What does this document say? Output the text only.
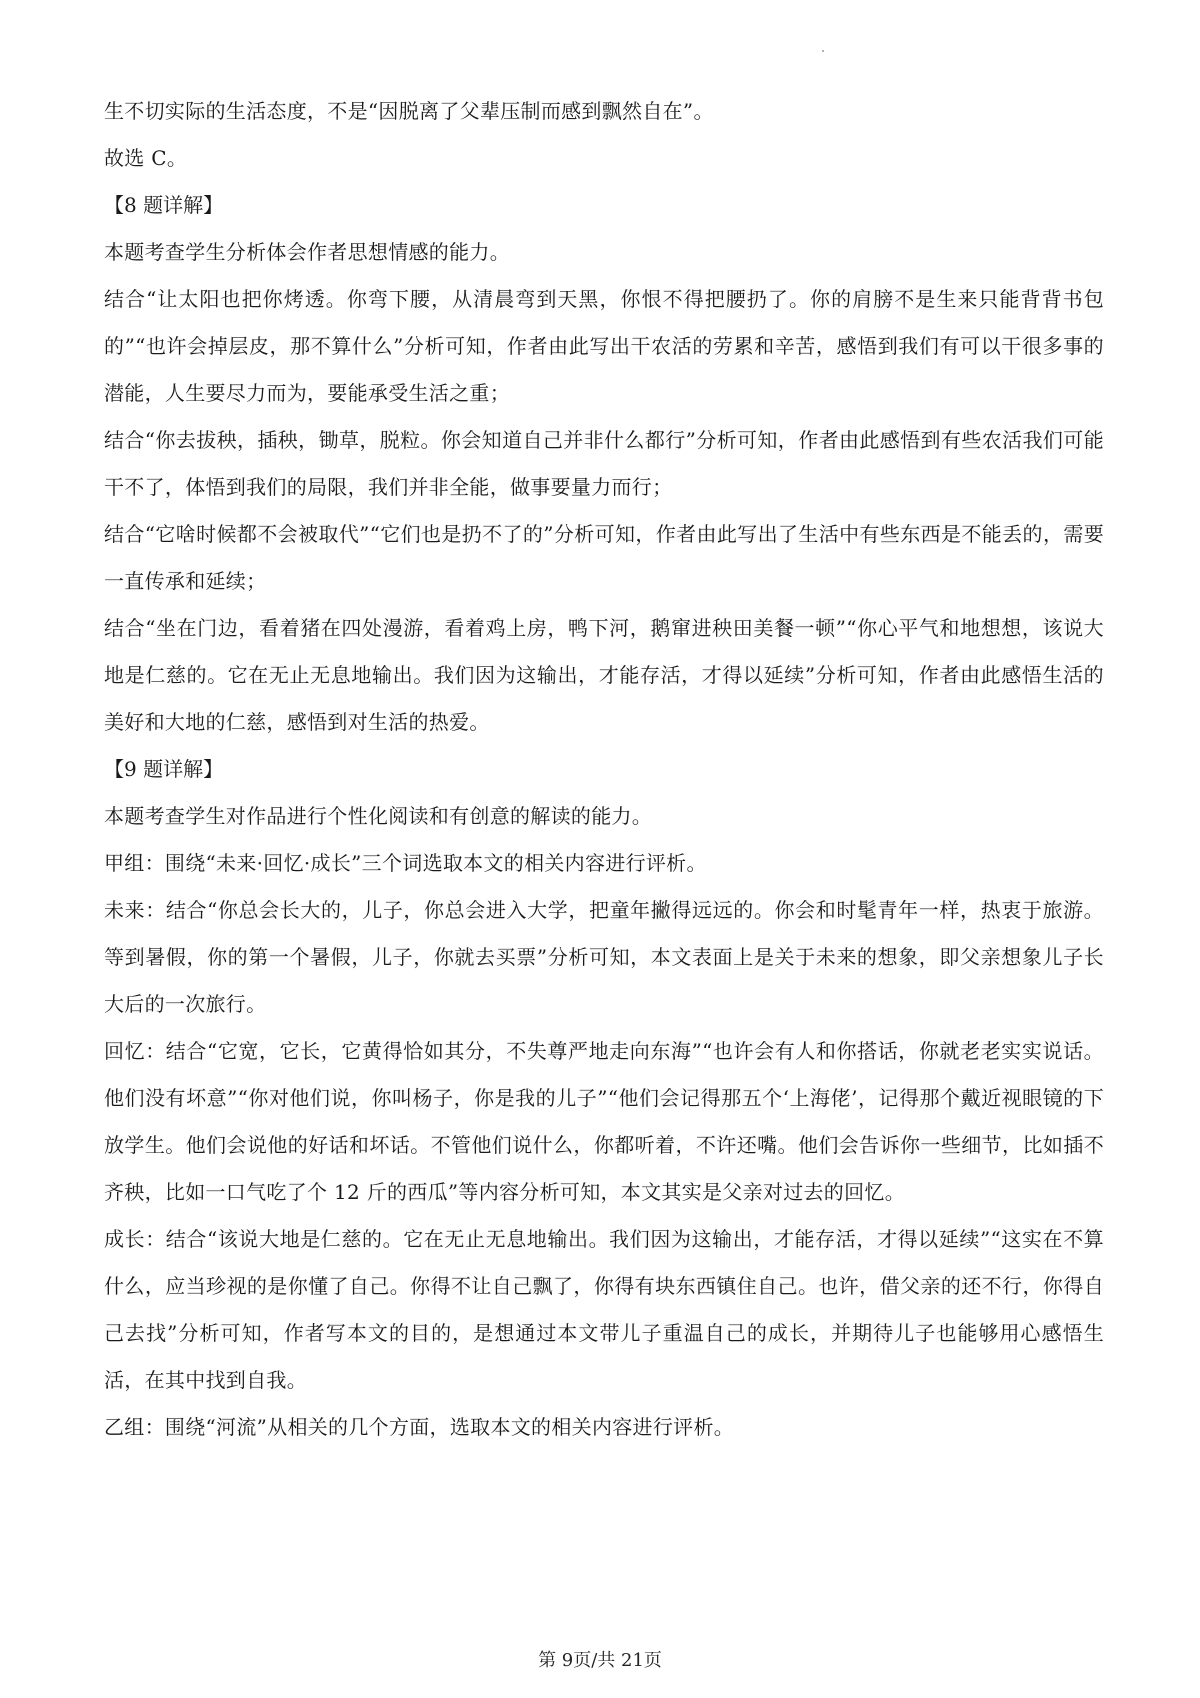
生不切实际的生活态度，不是“因脱离了父辈压制而感到飘然自在”。

故选 C。

【8 题详解】

本题考查学生分析体会作者思想情感的能力。

结合“让太阳也把你烤透。你弯下腰，从清晨弯到天黑，你恨不得把腰扔了。你的肩膀不是生来只能背背书包的”“也许会掉层皮，那不算什么”分析可知，作者由此写出干农活的劳累和辛苦，感悟到我们有可以干很多事的潜能，人生要尽力而为，要能承受生活之重；

结合“你去拔秧，插秧，锄草，脱粒。你会知道自己并非什么都行”分析可知，作者由此感悟到有些农活我们可能干不了，体悟到我们的局限，我们并非全能，做事要量力而行；

结合“它啥时候都不会被取代”“它们也是扔不了的”分析可知，作者由此写出了生活中有些东西是不能丢的，需要一直传承和延续；

结合“坐在门边，看着猪在四处漫游，看着鸡上房，鸭下河，鹅窜进秧田美餐一顿”“你心平气和地想想，该说大地是仁慈的。它在无止无息地输出。我们因为这输出，才能存活，才得以延续”分析可知，作者由此感悟生活的美好和大地的仁慈，感悟到对生活的热爱。

【9 题详解】

本题考查学生对作品进行个性化阅读和有创意的解读的能力。

甲组：围绕“未来·回忆·成长”三个词选取本文的相关内容进行评析。

未来：结合“你总会长大的，儿子，你总会进入大学，把童年撇得远远的。你会和时髦青年一样，热衷于旅游。等到暑假，你的第一个暑假，儿子，你就去买票”分析可知，本文表面上是关于未来的想象，即父亲想象儿子长大后的一次旅行。

回忆：结合“它宽，它长，它黄得恰如其分，不失尊严地走向东海”“也许会有人和你搭话，你就老老实实说话。他们没有坏意”“你对他们说，你叫杨子，你是我的儿子”“他们会记得那五个‘上海佬’，记得那个戴近视眼镜的下放学生。他们会说他的好话和坏话。不管他们说什么，你都听着，不许还嘴。他们会告诉你一些细节，比如插不齐秧，比如一口气吃了个 12 斤的西瓜”等内容分析可知，本文其实是父亲对过去的回忆。

成长：结合“该说大地是仁慈的。它在无止无息地输出。我们因为这输出，才能存活，才得以延续”“这实在不算什么，应当珍视的是你懂了自己。你得不让自己飘了，你得有块东西镇住自己。也许，借父亲的还不行，你得自己去找”分析可知，作者写本文的目的，是想通过本文带儿子重温自己的成长，并期待儿子也能够用心感悟生活，在其中找到自我。

乙组：围绕“河流”从相关的几个方面，选取本文的相关内容进行评析。

第 9页/共 21页
